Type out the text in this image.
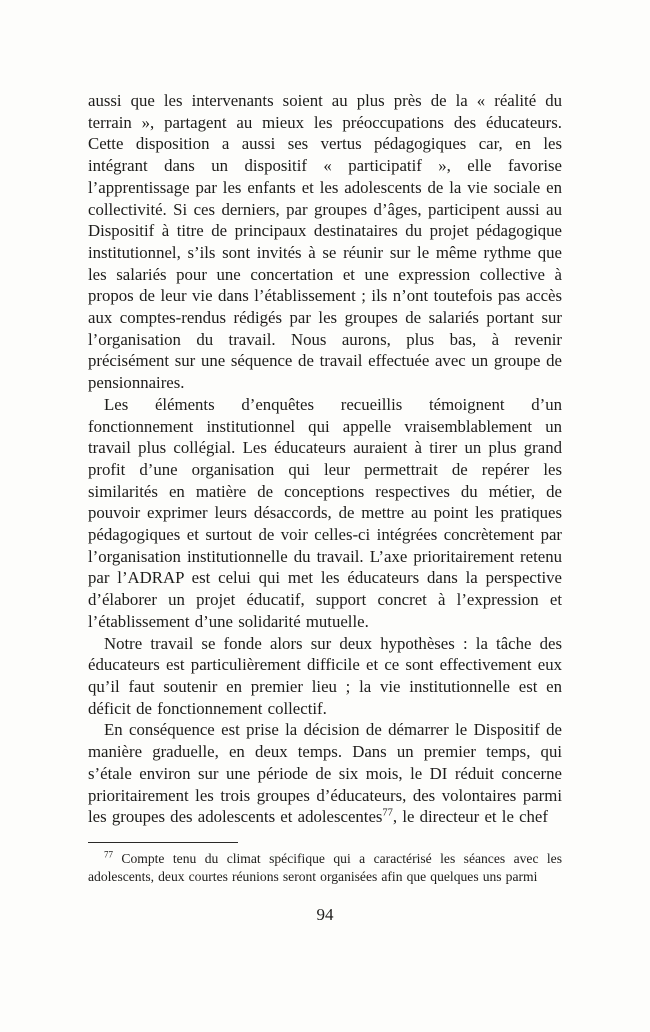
aussi que les intervenants soient au plus près de la « réalité du terrain », partagent au mieux les préoccupations des éducateurs. Cette disposition a aussi ses vertus pédagogiques car, en les intégrant dans un dispositif « participatif », elle favorise l’apprentissage par les enfants et les adolescents de la vie sociale en collectivité. Si ces derniers, par groupes d’âges, participent aussi au Dispositif à titre de principaux destinataires du projet pédagogique institutionnel, s’ils sont invités à se réunir sur le même rythme que les salariés pour une concertation et une expression collective à propos de leur vie dans l’établissement ; ils n’ont toutefois pas accès aux comptes-rendus rédigés par les groupes de salariés portant sur l’organisation du travail. Nous aurons, plus bas, à revenir précisément sur une séquence de travail effectuée avec un groupe de pensionnaires.

Les éléments d’enquêtes recueillis témoignent d’un fonctionnement institutionnel qui appelle vraisemblablement un travail plus collégial. Les éducateurs auraient à tirer un plus grand profit d’une organisation qui leur permettrait de repérer les similarités en matière de conceptions respectives du métier, de pouvoir exprimer leurs désaccords, de mettre au point les pratiques pédagogiques et surtout de voir celles-ci intégrées concrètement par l’organisation institutionnelle du travail. L’axe prioritairement retenu par l’ADRAP est celui qui met les éducateurs dans la perspective d’élaborer un projet éducatif, support concret à l’expression et l’établissement d’une solidarité mutuelle.

Notre travail se fonde alors sur deux hypothèses : la tâche des éducateurs est particulièrement difficile et ce sont effectivement eux qu’il faut soutenir en premier lieu ; la vie institutionnelle est en déficit de fonctionnement collectif.

En conséquence est prise la décision de démarrer le Dispositif de manière graduelle, en deux temps. Dans un premier temps, qui s’étale environ sur une période de six mois, le DI réduit concerne prioritairement les trois groupes d’éducateurs, des volontaires parmi les groupes des adolescents et adolescentes$^{77}$, le directeur et le chef

$^{77}$ Compte tenu du climat spécifique qui a caractérisé les séances avec les adolescents, deux courtes réunions seront organisées afin que quelques uns parmi

94
